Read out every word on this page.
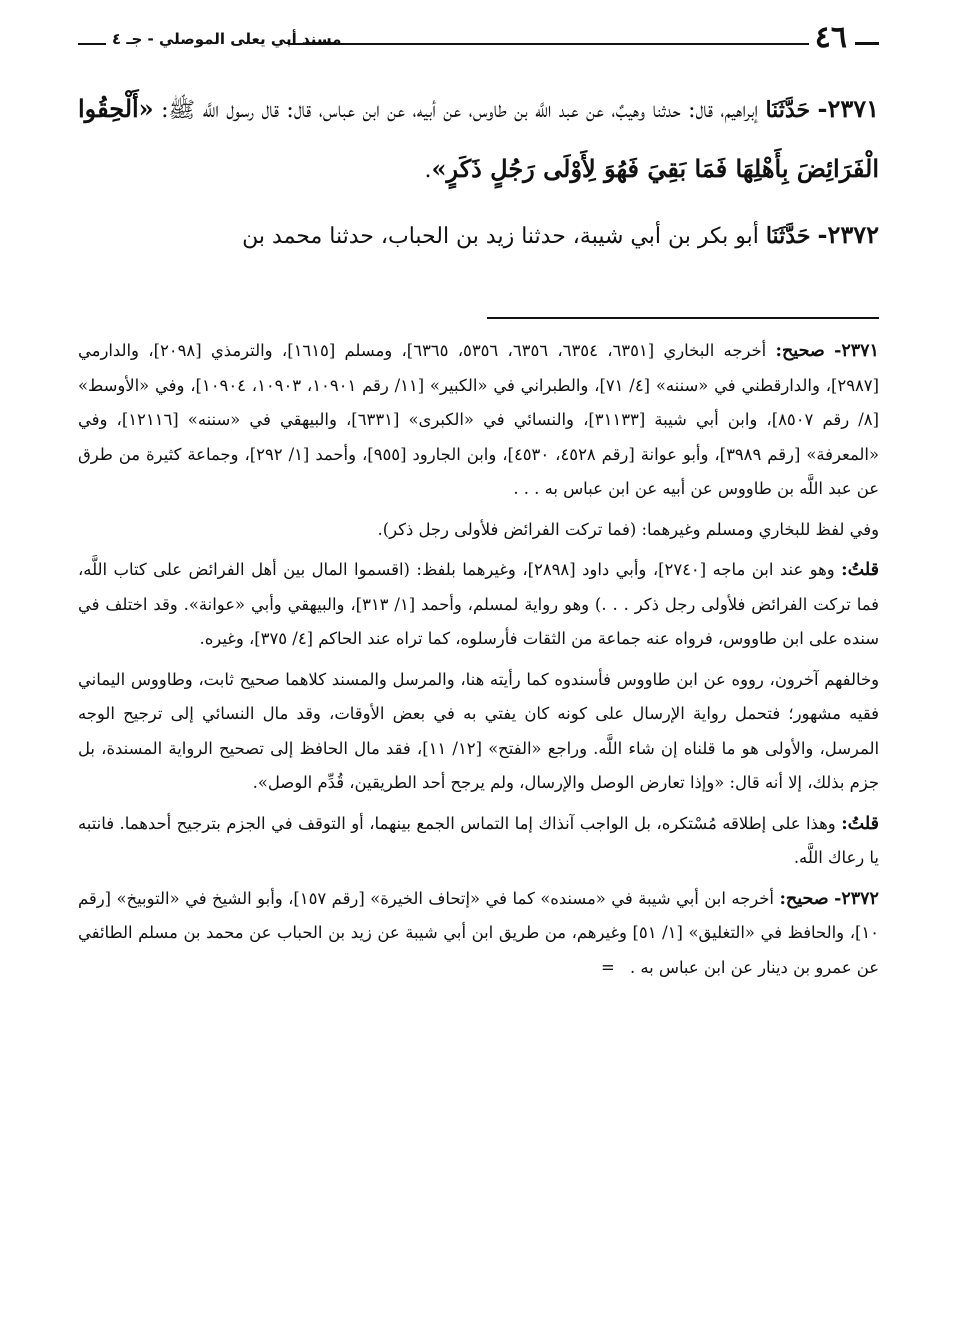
٤٦
مسند أبي يعلى الموصلي - جـ ٤

٢٣٧١- حَدَّثَنَا إبراهيم، قال: حدثنا وهيبٌ، عن عبد اللَّه بن طاوس، عن أبيه، عن ابن عباس، قال: قال رسول اللَّه ﷺ: «أَلْحِقُوا الْفَرَائِضَ بِأَهْلِهَا فَمَا بَقِيَ فَهُوَ لِأَوْلَى رَجُلٍ ذَكَرٍ».

٢٣٧٢- حَدَّثَنَا أبو بكر بن أبي شيبة، حدثنا زيد بن الحباب، حدثنا محمد بن

٢٣٧١- صحيح: أخرجه البخاري [٦٣٥١، ٦٣٥٤، ٦٣٥٦، ٥٣٥٦، ٦٣٦٥]، ومسلم [١٦١٥]، والترمذي [٢٠٩٨]، والدارمي [٢٩٨٧]، والدارقطني في «سننه» [٤/ ٧١]، والطبراني في «الكبير» [١١/ رقم ١٠٩٠١، ١٠٩٠٣، ١٠٩٠٤]، وفي «الأوسط» [٨/ رقم ٨٥٠٧]، وابن أبي شيبة [٣١١٣٣]، والنسائي في «الكبرى» [٦٣٣١]، والبيهقي في «سننه» [١٢١١٦]، وفي «المعرفة» [رقم ٣٩٨٩]، وأبو عوانة [رقم ٤٥٢٨، ٤٥٣٠]، وابن الجارود [٩٥٥]، وأحمد [١/ ٢٩٢]، وجماعة كثيرة من طرق عن عبد اللَّه بن طاووس عن أبيه عن ابن عباس به . . .

وفي لفظ للبخاري ومسلم وغيرهما: (فما تركت الفرائض فلأولى رجل ذكر).

قلتُ: وهو عند ابن ماجه [٢٧٤٠]، وأبي داود [٢٨٩٨]، وغيرهما بلفظ: (اقسموا المال بين أهل الفرائض على كتاب اللَّه، فما تركت الفرائض فلأولى رجل ذكر . . .) وهو رواية لمسلم، وأحمد [١/ ٣١٣]، والبيهقي وأبي «عوانة». وقد اختلف في سنده على ابن طاووس، فرواه عنه جماعة من الثقات فأرسلوه، كما تراه عند الحاكم [٤/ ٣٧٥]، وغيره.

وخالفهم آخرون، رووه عن ابن طاووس فأسندوه كما رأيته هنا، والمرسل والمسند كلاهما صحيح ثابت، وطاووس اليماني فقيه مشهور؛ فتحمل رواية الإرسال على كونه كان يفتي به في بعض الأوقات، وقد مال النسائي إلى ترجيح الوجه المرسل، والأولى هو ما قلناه إن شاء اللَّه. وراجع «الفتح» [١٢/ ١١]، فقد مال الحافظ إلى تصحيح الرواية المسندة، بل جزم بذلك، إلا أنه قال: «وإذا تعارض الوصل والإرسال، ولم يرجح أحد الطريقين، قُدِّم الوصل».

قلتُ: وهذا على إطلاقه مُسْتكره، بل الواجب آنذاك إما التماس الجمع بينهما، أو التوقف في الجزم بترجيح أحدهما. فانتبه يا رعاك اللَّه.

٢٣٧٢- صحيح: أخرجه ابن أبي شيبة في «مسنده» كما في «إتحاف الخيرة» [رقم ١٥٧]، وأبو الشيخ في «التوبيخ» [رقم ١٠]، والحافظ في «التغليق» [١/ ٥١] وغيرهم، من طريق ابن أبي شيبة عن زيد بن الحباب عن محمد بن مسلم الطائفي عن عمرو بن دينار عن ابن عباس به . =
